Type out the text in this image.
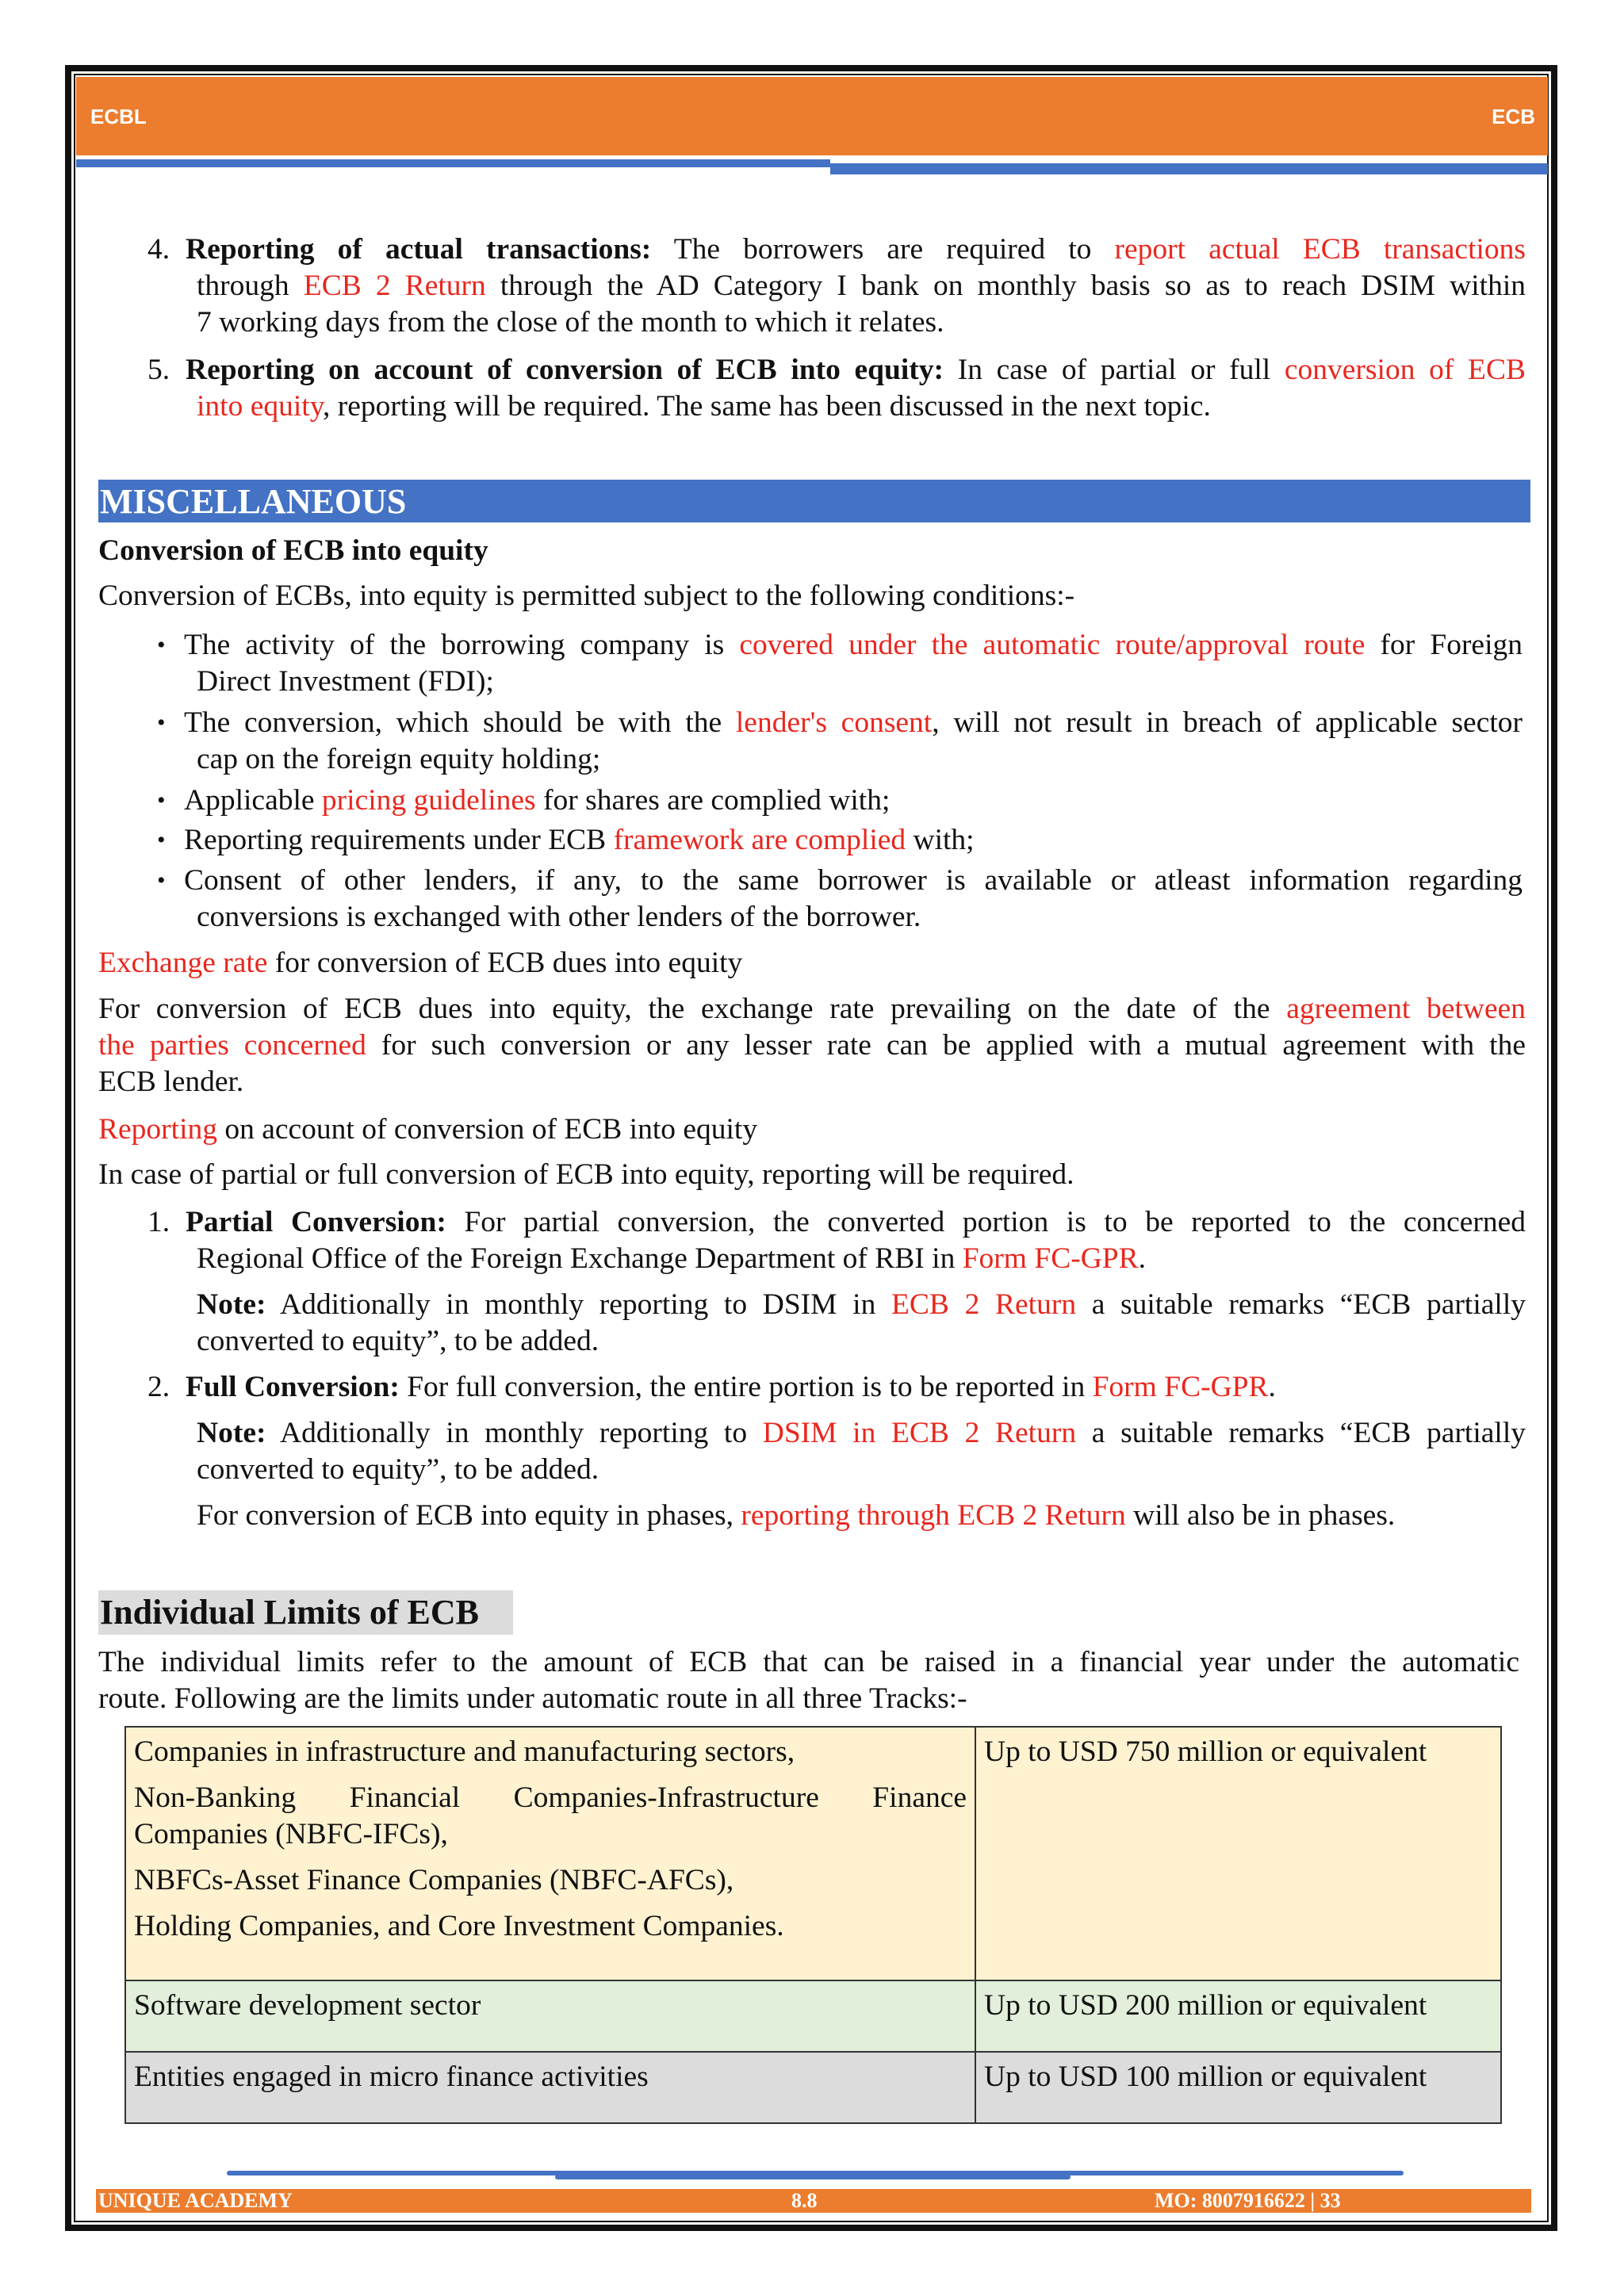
ECBL	ECB
4. Reporting of actual transactions: The borrowers are required to report actual ECB transactions
through ECB 2 Return through the AD Category I bank on monthly basis so as to reach DSIM within
7 working days from the close of the month to which it relates.
5. Reporting on account of conversion of ECB into equity: In case of partial or full conversion of ECB
into equity, reporting will be required. The same has been discussed in the next topic.
MISCELLANEOUS
Conversion of ECB into equity
Conversion of ECBs, into equity is permitted subject to the following conditions:-
• The activity of the borrowing company is covered under the automatic route/approval route for Foreign
Direct Investment (FDI);
• The conversion, which should be with the lender's consent, will not result in breach of applicable sector
cap on the foreign equity holding;
• Applicable pricing guidelines for shares are complied with;
• Reporting requirements under ECB framework are complied with;
• Consent of other lenders, if any, to the same borrower is available or atleast information regarding
conversions is exchanged with other lenders of the borrower.
Exchange rate for conversion of ECB dues into equity
For conversion of ECB dues into equity, the exchange rate prevailing on the date of the agreement between
the parties concerned for such conversion or any lesser rate can be applied with a mutual agreement with the
ECB lender.
Reporting on account of conversion of ECB into equity
In case of partial or full conversion of ECB into equity, reporting will be required.
1. Partial Conversion: For partial conversion, the converted portion is to be reported to the concerned
Regional Office of the Foreign Exchange Department of RBI in Form FC-GPR.
Note: Additionally in monthly reporting to DSIM in ECB 2 Return a suitable remarks “ECB partially
converted to equity”, to be added.
2. Full Conversion: For full conversion, the entire portion is to be reported in Form FC-GPR.
Note: Additionally in monthly reporting to DSIM in ECB 2 Return a suitable remarks “ECB partially
converted to equity”, to be added.
For conversion of ECB into equity in phases, reporting through ECB 2 Return will also be in phases.
Individual Limits of ECB
The individual limits refer to the amount of ECB that can be raised in a financial year under the automatic
route. Following are the limits under automatic route in all three Tracks:-

Companies in infrastructure and manufacturing sectors,

Non-Banking Financial Companies-Infrastructure Finance Companies (NBFC-IFCs),

NBFCs-Asset Finance Companies (NBFC-AFCs),

Holding Companies, and Core Investment Companies.	Up to USD 750 million or equivalent
Software development sector	Up to USD 200 million or equivalent
Entities engaged in micro finance activities	Up to USD 100 million or equivalent
UNIQUE ACADEMY	8.8	MO: 8007916622 | 33
